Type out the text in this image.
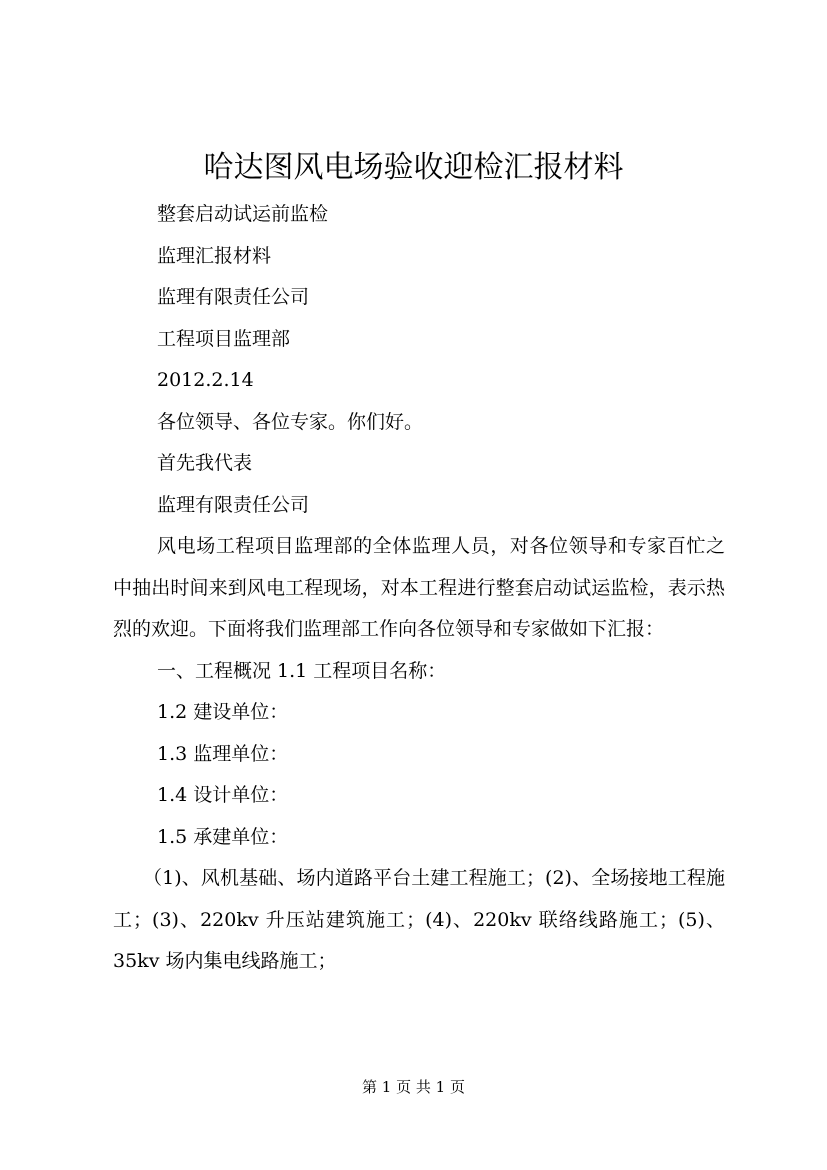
哈达图风电场验收迎检汇报材料

整套启动试运前监检

监理汇报材料

监理有限责任公司

工程项目监理部

2012.2.14

各位领导、各位专家。你们好。

首先我代表

监理有限责任公司

风电场工程项目监理部的全体监理人员，对各位领导和专家百忙之中抽出时间来到风电工程现场，对本工程进行整套启动试运监检，表示热烈的欢迎。下面将我们监理部工作向各位领导和专家做如下汇报：

一、工程概况 1.1 工程项目名称：

1.2 建设单位：

1.3 监理单位：

1.4 设计单位：

1.5 承建单位：

（1)、风机基础、场内道路平台土建工程施工；(2)、全场接地工程施工；(3)、220kv 升压站建筑施工；(4)、220kv 联络线路施工；(5)、35kv 场内集电线路施工；

第 1 页 共 1 页
